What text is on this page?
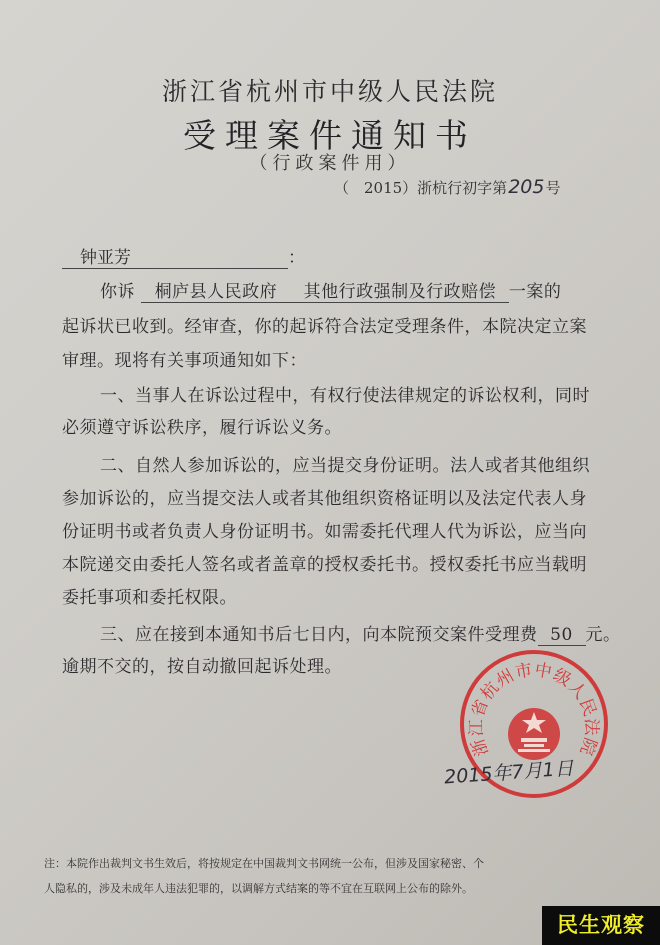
浙江省杭州市中级人民法院
受理案件通知书
（行政案件用）
（　2015）浙杭行初字第205号
钟亚芳	：
你诉 桐庐县人民政府 其他行政强制及行政赔偿 一案的
起诉状已收到。经审查，你的起诉符合法定受理条件，本院决定立案
审理。现将有关事项通知如下：
一、当事人在诉讼过程中，有权行使法律规定的诉讼权利，同时
必须遵守诉讼秩序，履行诉讼义务。
二、自然人参加诉讼的，应当提交身份证明。法人或者其他组织
参加诉讼的，应当提交法人或者其他组织资格证明以及法定代表人身
份证明书或者负责人身份证明书。如需委托代理人代为诉讼，应当向
本院递交由委托人签名或者盖章的授权委托书。授权委托书应当载明
委托事项和委托权限。
三、应在接到本通知书后七日内，向本院预交案件受理费 50 元。
逾期不交的，按自动撤回起诉处理。
浙江省杭州市中级人民法院
2015年7月1日
注：本院作出裁判文书生效后，将按规定在中国裁判文书网统一公布，但涉及国家秘密、个
人隐私的，涉及未成年人违法犯罪的，以调解方式结案的等不宜在互联网上公布的除外。
民生观察
